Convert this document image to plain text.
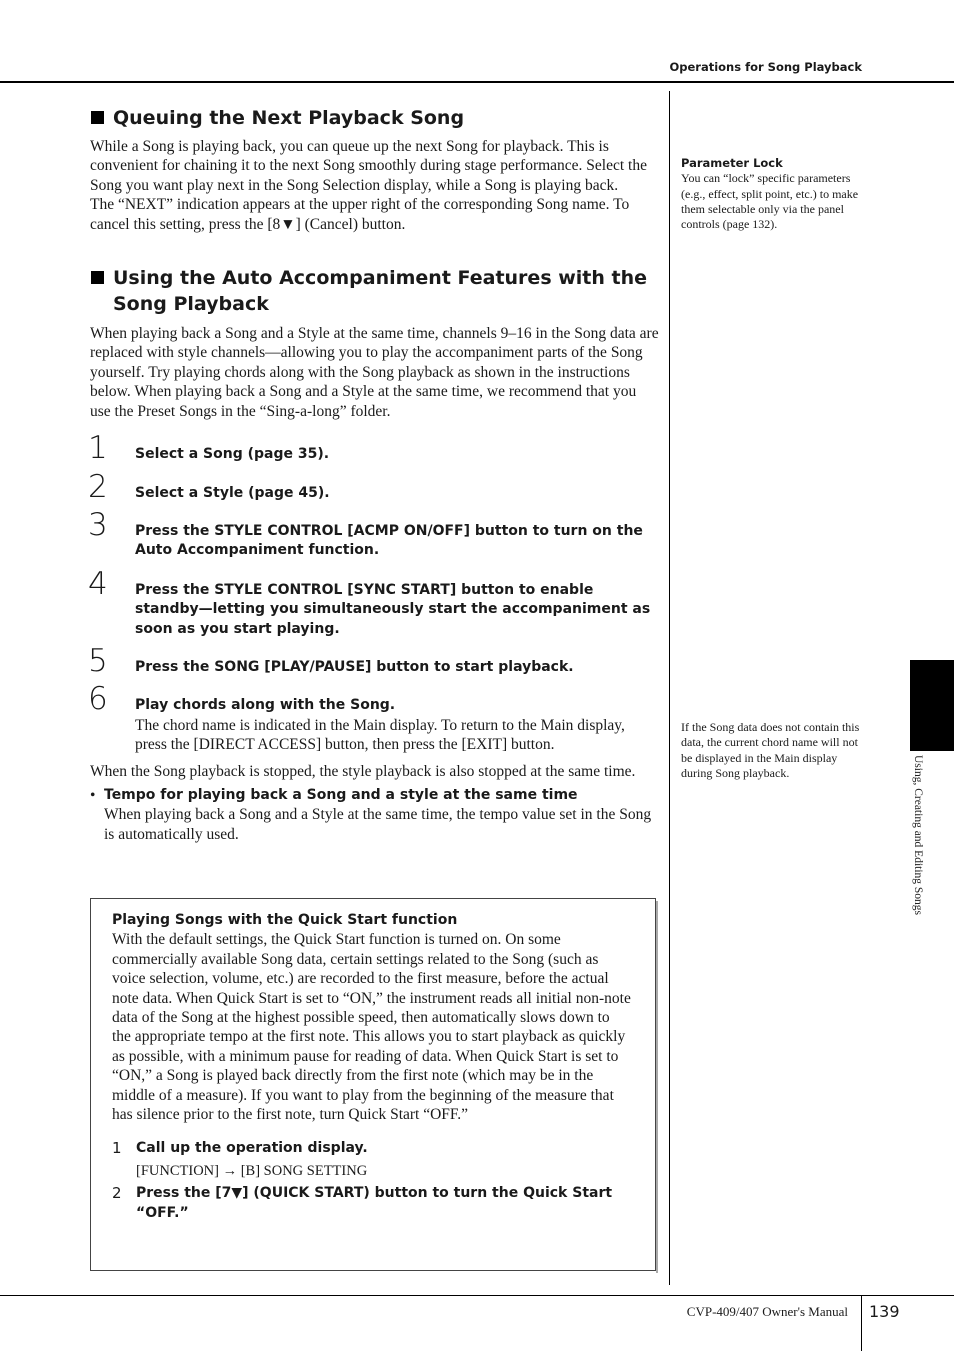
Operations for Song Playback
Using, Creating and Editing Songs
Queuing the Next Playback Song

While a Song is playing back, you can queue up the next Song for playback. This is convenient for chaining it to the next Song smoothly during stage performance. Select the Song you want play next in the Song Selection display, while a Song is playing back.

The “NEXT” indication appears at the upper right of the corresponding Song name. To cancel this setting, press the [8▼] (Cancel) button.

Using the Auto Accompaniment Features with the Song Playback

When playing back a Song and a Style at the same time, channels 9–16 in the Song data are replaced with style channels—allowing you to play the accompaniment parts of the Song yourself. Try playing chords along with the Song playback as shown in the instructions below. When playing back a Song and a Style at the same time, we recommend that you use the Preset Songs in the “Sing-a-long” folder.

1 Select a Song (page 35).
2 Select a Style (page 45).
3 Press the STYLE CONTROL [ACMP ON/OFF] button to turn on the Auto Accompaniment function.
4 Press the STYLE CONTROL [SYNC START] button to enable standby—letting you simultaneously start the accompaniment as soon as you start playing.
5 Press the SONG [PLAY/PAUSE] button to start playback.
6 Play chords along with the Song.
The chord name is indicated in the Main display. To return to the Main display, press the [DIRECT ACCESS] button, then press the [EXIT] button.

When the Song playback is stopped, the style playback is also stopped at the same time.

• Tempo for playing back a Song and a style at the same time

When playing back a Song and a Style at the same time, the tempo value set in the Song is automatically used.

Playing Songs with the Quick Start function

With the default settings, the Quick Start function is turned on. On some commercially available Song data, certain settings related to the Song (such as voice selection, volume, etc.) are recorded to the first measure, before the actual note data. When Quick Start is set to “ON,” the instrument reads all initial non-note data of the Song at the highest possible speed, then automatically slows down to the appropriate tempo at the first note. This allows you to start playback as quickly as possible, with a minimum pause for reading of data. When Quick Start is set to “ON,” a Song is played back directly from the first note (which may be in the middle of a measure). If you want to play from the beginning of the measure that has silence prior to the first note, turn Quick Start “OFF.”

1 Call up the operation display.
[FUNCTION] → [B] SONG SETTING
2 Press the [7▼] (QUICK START) button to turn the Quick Start “OFF.”
Parameter Lock
You can “lock” specific parameters (e.g., effect, split point, etc.) to make them selectable only via the panel controls (page 132).
If the Song data does not contain this data, the current chord name will not be displayed in the Main display during Song playback.
CVP-409/407 Owner's Manual 139
